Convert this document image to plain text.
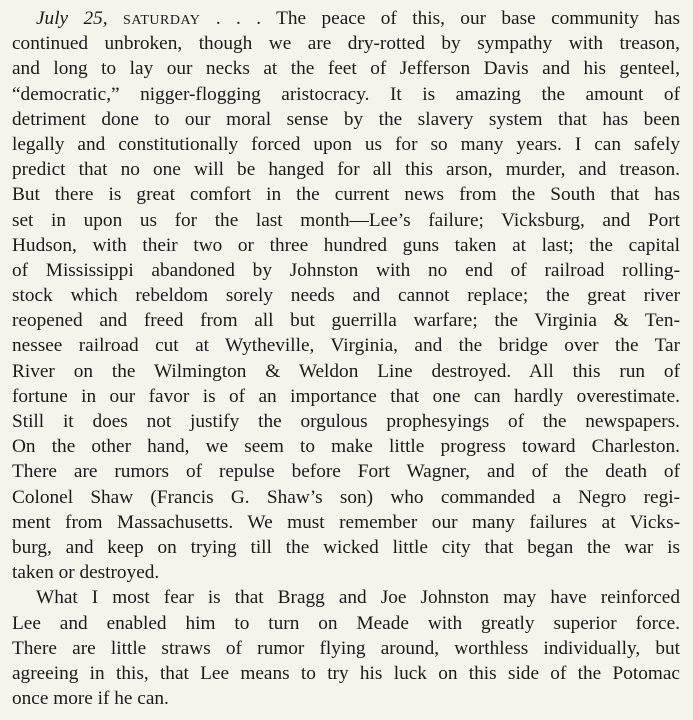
July 25, saturday . . . The peace of this, our base community has
continued unbroken, though we are dry-rotted by sympathy with treason,
and long to lay our necks at the feet of Jefferson Davis and his genteel,
“democratic,” nigger-flogging aristocracy. It is amazing the amount of
detriment done to our moral sense by the slavery system that has been
legally and constitutionally forced upon us for so many years. I can safely
predict that no one will be hanged for all this arson, murder, and treason.
But there is great comfort in the current news from the South that has
set in upon us for the last month—Lee’s failure; Vicksburg, and Port
Hudson, with their two or three hundred guns taken at last; the capital
of Mississippi abandoned by Johnston with no end of railroad rolling-
stock which rebeldom sorely needs and cannot replace; the great river
reopened and freed from all but guerrilla warfare; the Virginia & Ten-
nessee railroad cut at Wytheville, Virginia, and the bridge over the Tar
River on the Wilmington & Weldon Line destroyed. All this run of
fortune in our favor is of an importance that one can hardly overestimate.
Still it does not justify the orgulous prophesyings of the newspapers.
On the other hand, we seem to make little progress toward Charleston.
There are rumors of repulse before Fort Wagner, and of the death of
Colonel Shaw (Francis G. Shaw’s son) who commanded a Negro regi-
ment from Massachusetts. We must remember our many failures at Vicks-
burg, and keep on trying till the wicked little city that began the war is
taken or destroyed.
What I most fear is that Bragg and Joe Johnston may have reinforced
Lee and enabled him to turn on Meade with greatly superior force.
There are little straws of rumor flying around, worthless individually, but
agreeing in this, that Lee means to try his luck on this side of the Potomac
once more if he can.
